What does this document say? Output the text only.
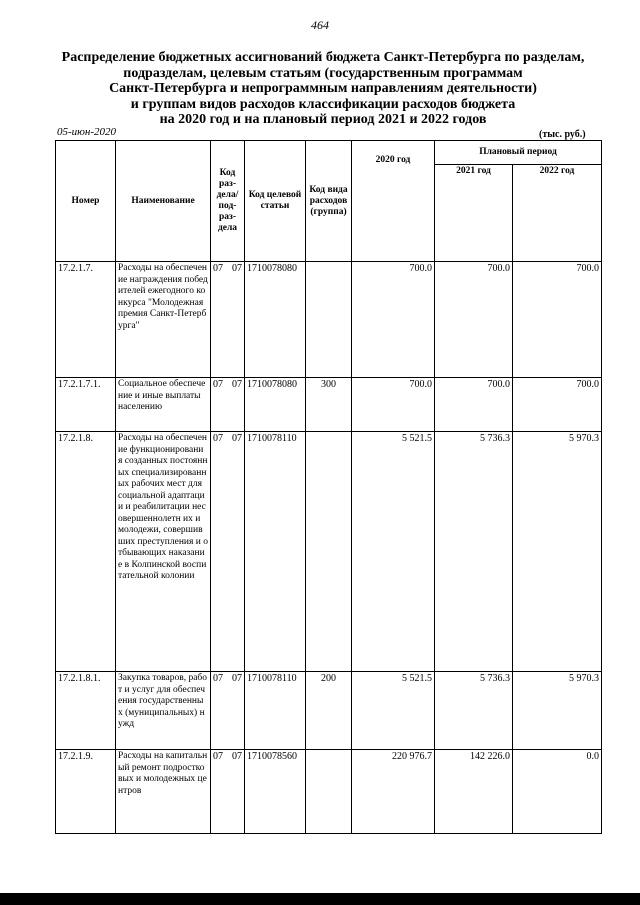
464
Распределение бюджетных ассигнований бюджета Санкт-Петербурга по разделам,
подразделам, целевым статьям (государственным программам
Санкт-Петербурга и непрограммным направлениям деятельности)
и группам видов расходов классификации расходов бюджета
на 2020 год и на плановый период 2021 и 2022 годов
05-июн-2020	(тыс. руб.)
Номер	Наименование	Код раз-дела/ под-раз-дела	Код целевой статьи	Код вида расходов (группа)	2020 год	Плановый период	
						2021 год	2022 год
17.2.1.7.	Расходы на обеспечение награждения победителей ежегодного конкурса "Молодежная премия Санкт-Петербурга"	07 07	1710078080		700.0	700.0	700.0
17.2.1.7.1.	Социальное обеспечение и иные выплаты населению	07 07	1710078080	300	700.0	700.0	700.0
17.2.1.8.	Расходы на обеспечение функционировани я созданных постоянных специализированн ых рабочих мест для социальной адаптации и реабилитации несовершеннолетн их и молодежи, совершивших преступления и отбывающих наказание в Колпинской воспитательной колонии	07 07	1710078110		5 521.5	5 736.3	5 970.3
17.2.1.8.1.	Закупка товаров, работ и услуг для обеспечения государственных (муниципальных) нужд	07 07	1710078110	200	5 521.5	5 736.3	5 970.3
17.2.1.9.	Расходы на капитальный ремонт подростковых и молодежных центров	07 07	1710078560		220 976.7	142 226.0	0.0
